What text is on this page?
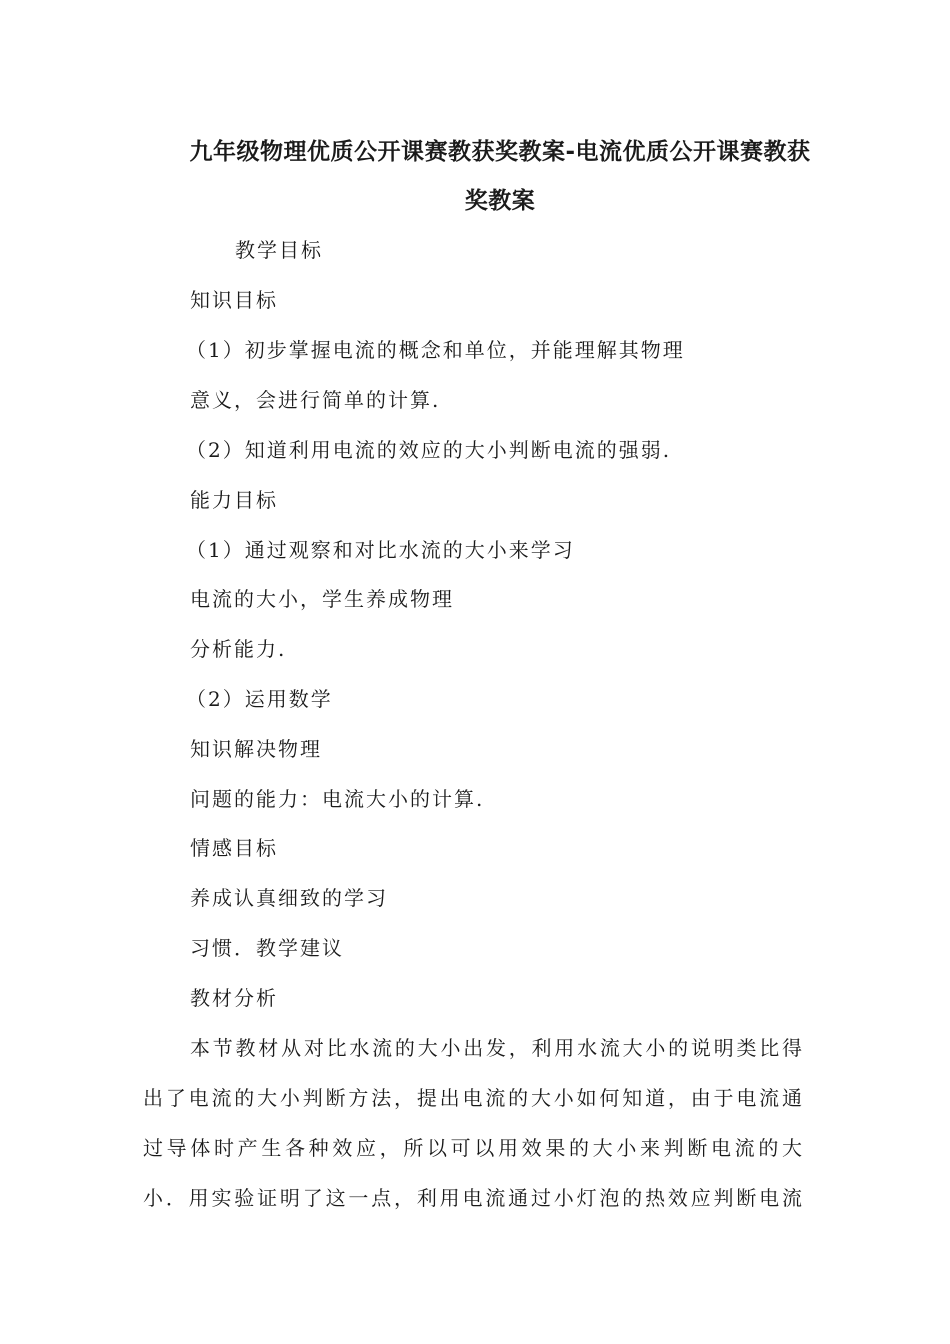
九年级物理优质公开课赛教获奖教案-电流优质公开课赛教获
奖教案
教学目标
知识目标
（1）初步掌握电流的概念和单位，并能理解其物理
意义，会进行简单的计算.
（2）知道利用电流的效应的大小判断电流的强弱.
能力目标
（1）通过观察和对比水流的大小来学习
电流的大小，学生养成物理
分析能力.
（2）运用数学
知识解决物理
问题的能力：电流大小的计算.
情感目标
养成认真细致的学习
习惯．教学建议
教材分析
本节教材从对比水流的大小出发，利用水流大小的说明类比得
出了电流的大小判断方法，提出电流的大小如何知道，由于电流通
过导体时产生各种效应，所以可以用效果的大小来判断电流的大
小．用实验证明了这一点，利用电流通过小灯泡的热效应判断电流
